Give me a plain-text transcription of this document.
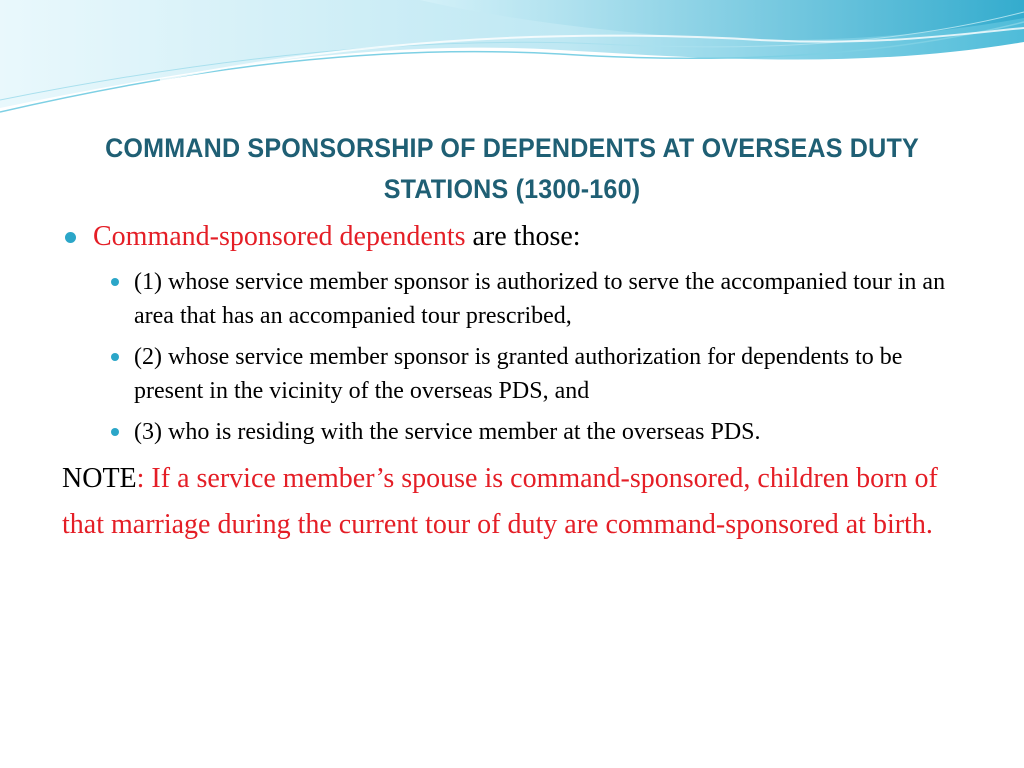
COMMAND SPONSORSHIP OF DEPENDENTS AT OVERSEAS DUTY STATIONS (1300-160)
Command-sponsored dependents are those:
(1) whose service member sponsor is authorized to serve the accompanied tour in an area that has an accompanied tour prescribed,
(2) whose service member sponsor is granted authorization for dependents to be present in the vicinity of the overseas PDS, and
(3) who is residing with the service member at the overseas PDS.
NOTE: If a service member’s spouse is command-sponsored, children born of that marriage during the current tour of duty are command-sponsored at birth.
